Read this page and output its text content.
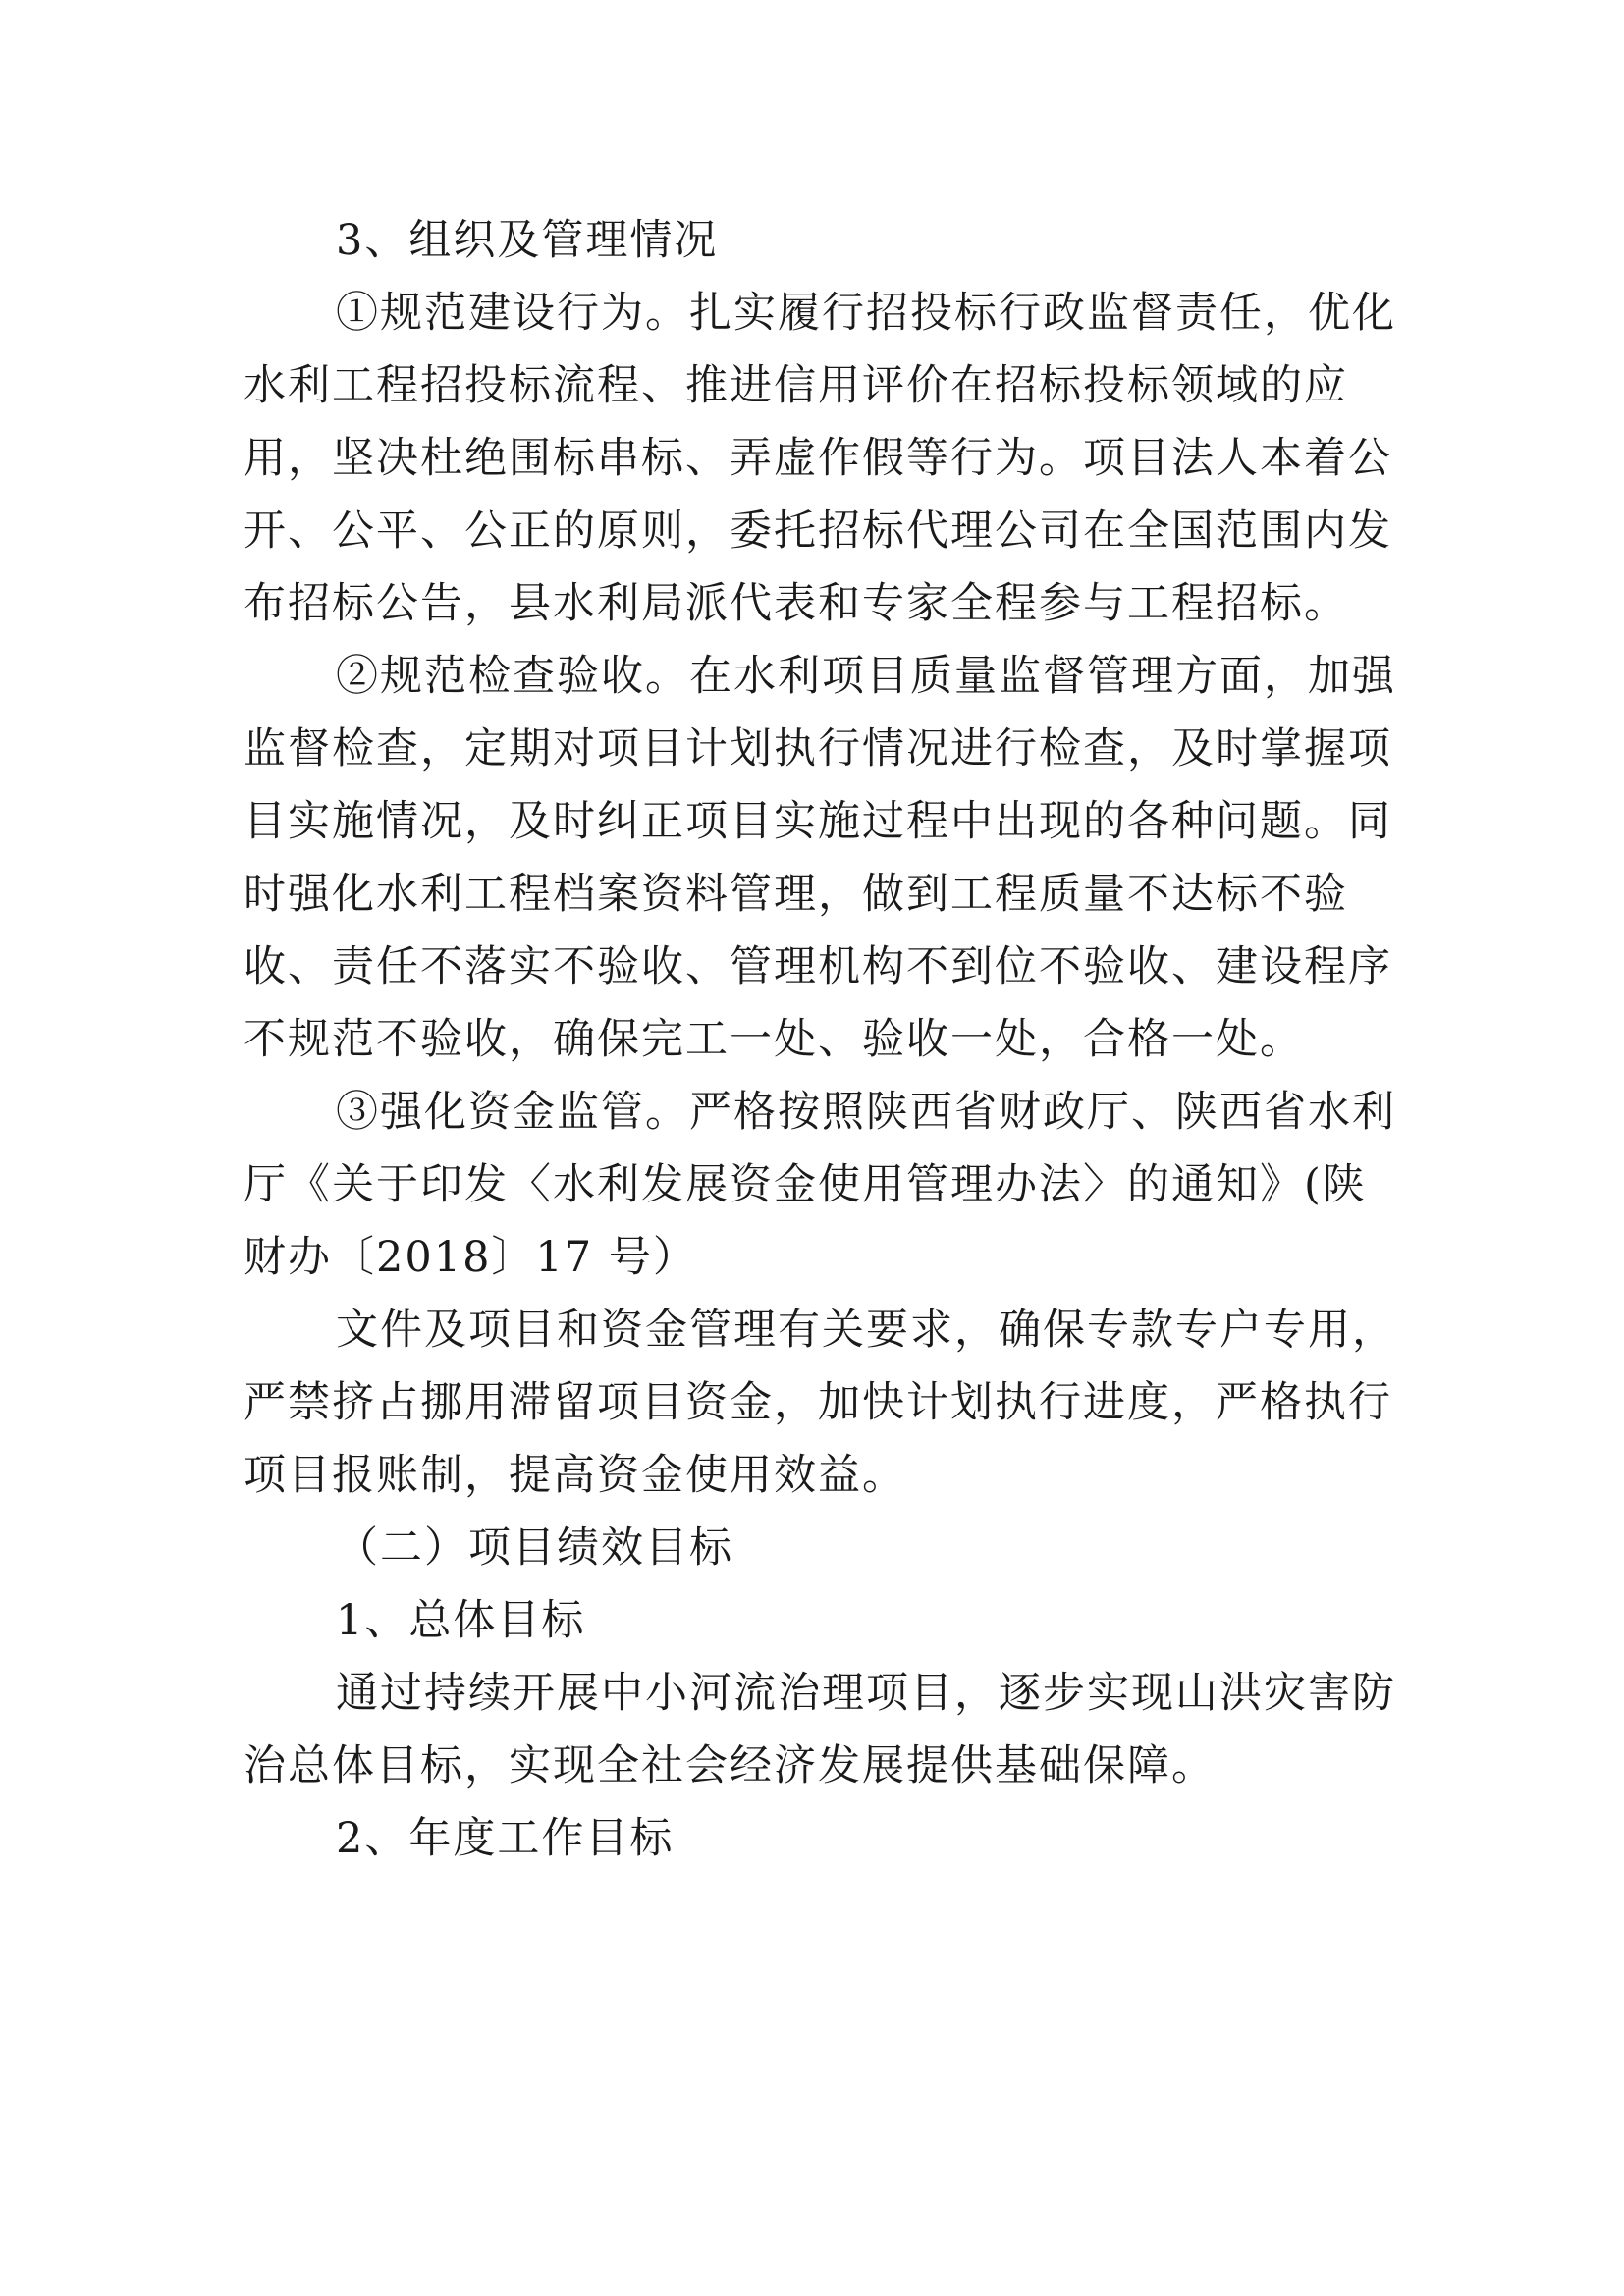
3、组织及管理情况
①规范建设行为。扎实履行招投标行政监督责任，优化
水利工程招投标流程、推进信用评价在招标投标领域的应
用，坚决杜绝围标串标、弄虚作假等行为。项目法人本着公
开、公平、公正的原则，委托招标代理公司在全国范围内发
布招标公告，县水利局派代表和专家全程参与工程招标。
②规范检查验收。在水利项目质量监督管理方面，加强
监督检查，定期对项目计划执行情况进行检查，及时掌握项
目实施情况，及时纠正项目实施过程中出现的各种问题。同
时强化水利工程档案资料管理，做到工程质量不达标不验
收、责任不落实不验收、管理机构不到位不验收、建设程序
不规范不验收，确保完工一处、验收一处，合格一处。
③强化资金监管。严格按照陕西省财政厅、陕西省水利
厅《关于印发〈水利发展资金使用管理办法〉的通知》(陕
财办〔2018〕17 号）
文件及项目和资金管理有关要求，确保专款专户专用，
严禁挤占挪用滞留项目资金，加快计划执行进度，严格执行
项目报账制，提高资金使用效益。
（二）项目绩效目标
1、总体目标
通过持续开展中小河流治理项目，逐步实现山洪灾害防
治总体目标，实现全社会经济发展提供基础保障。
2、年度工作目标
